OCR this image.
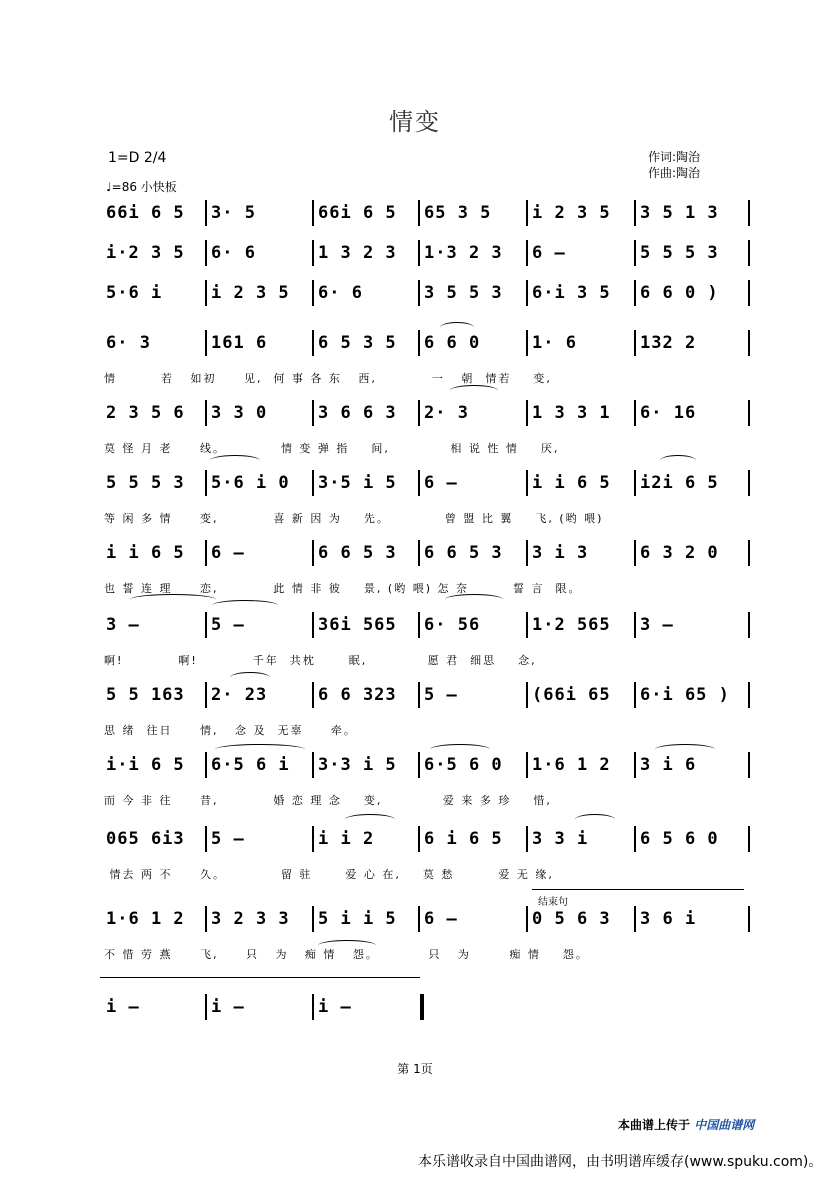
情变
1=D 2/4
♩=86 小快板
作词:陶治
作曲:陶治
66i 6 5	3· 5	66i 6 5	65 3 5	i 2 3 5	3 5 1 3
i·2 3 5	6· 6	1 3 2 3	1·3 2 3	6 —	5 5 5 3
5·6 i	i 2 3 5	6· 6	3 5 5 3	6·i 3 5	6 6 0 )
6· 3	161 6	6 5 3 5	6 6 0	1· 6	132 2
情        若   如初     见,  何 事 各 东   西,          一   朝  情若    变,
2 3 5 6	3 3 0	3 6 6 3	2· 3	1 3 3 1	6· 16
莫 怪 月 老     线。          情 变 弹 指    间,           相 说 性 情    厌,
5 5 5 3	5·6 i 0	3·5 i 5	6 —	i i 6 5	i2i 6 5
等 闲 多 情     变,          喜 新 因 为    先。          曾 盟 比 翼    飞, (哟 喂)
i i 6 5	6 —	6 6 5 3	6 6 5 3	3 i 3	6 3 2 0
也 誓 连 理     恋,          此 情 非 彼    景, (哟 喂) 怎 奈        誓 言  限。
3 —	5 —	36i 565	6· 56	1·2 565	3 —
啊!          啊!          千年  共枕      眠,           愿 君  细思    念,
5 5 163	2· 23	6 6 323	5 —	(66i 65	6·i 65 )
思 绪  往日     情,   念 及  无辜     牵。
i·i 6 5	6·5 6 i	3·3 i 5	6·5 6 0	1·6 1 2	3 i 6
而 今 非 往     昔,          婚 恋 理 念    变,           爱 来 多 珍    惜,
065 6i3	5 —	i i 2	6 i 6 5	3 3 i	6 5 6 0
情去 两 不     久。          留 驻      爱 心 在,    莫 愁        爱 无 缘,
1·6 1 2	3 2 3 3	5 i i 5	6 —	0 5 6 3	3 6 i
不 惜 劳 燕     飞,     只   为   痴 情   怨。         只   为       痴 情    怨。
i —	i —	i —
结束句
第 1页
本曲谱上传于 中国曲谱网
本乐谱收录自中国曲谱网，由书明谱库缓存(www.spuku.com)。
